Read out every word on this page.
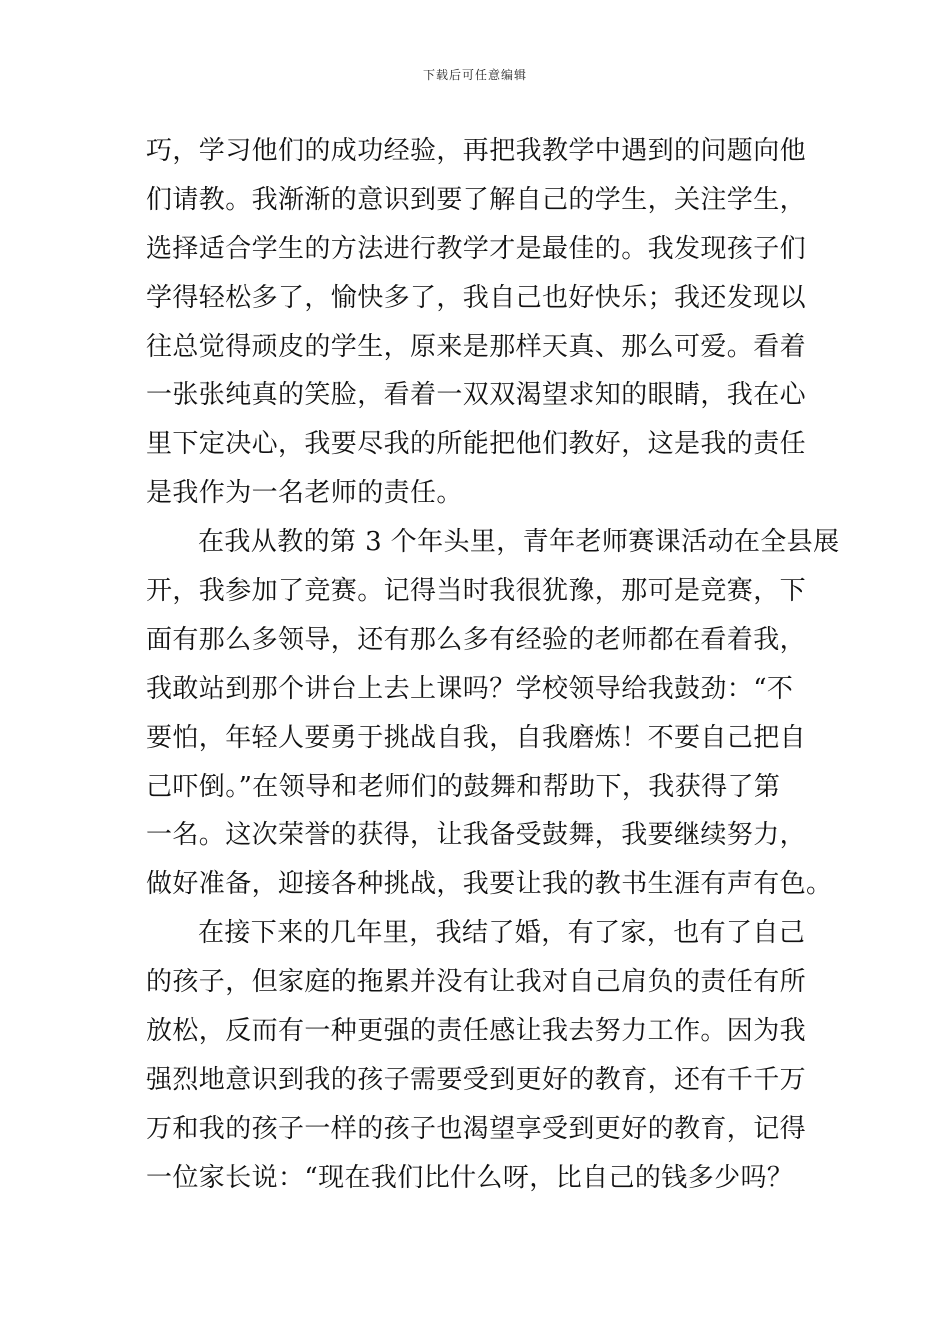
下载后可任意编辑
巧，学习他们的成功经验，再把我教学中遇到的问题向他
们请教。我渐渐的意识到要了解自己的学生，关注学生，
选择适合学生的方法进行教学才是最佳的。我发现孩子们
学得轻松多了，愉快多了，我自己也好快乐；我还发现以
往总觉得顽皮的学生，原来是那样天真、那么可爱。看着
一张张纯真的笑脸，看着一双双渴望求知的眼睛，我在心
里下定决心，我要尽我的所能把他们教好，这是我的责任
是我作为一名老师的责任。
在我从教的第 3 个年头里，青年老师赛课活动在全县展
开，我参加了竞赛。记得当时我很犹豫，那可是竞赛，下
面有那么多领导，还有那么多有经验的老师都在看着我，
我敢站到那个讲台上去上课吗？学校领导给我鼓劲：“不
要怕，年轻人要勇于挑战自我，自我磨炼！不要自己把自
己吓倒。”在领导和老师们的鼓舞和帮助下，我获得了第
一名。这次荣誉的获得，让我备受鼓舞，我要继续努力，
做好准备，迎接各种挑战，我要让我的教书生涯有声有色。
在接下来的几年里，我结了婚，有了家，也有了自己
的孩子，但家庭的拖累并没有让我对自己肩负的责任有所
放松，反而有一种更强的责任感让我去努力工作。因为我
强烈地意识到我的孩子需要受到更好的教育，还有千千万
万和我的孩子一样的孩子也渴望享受到更好的教育，记得
一位家长说：“现在我们比什么呀，比自己的钱多少吗？
